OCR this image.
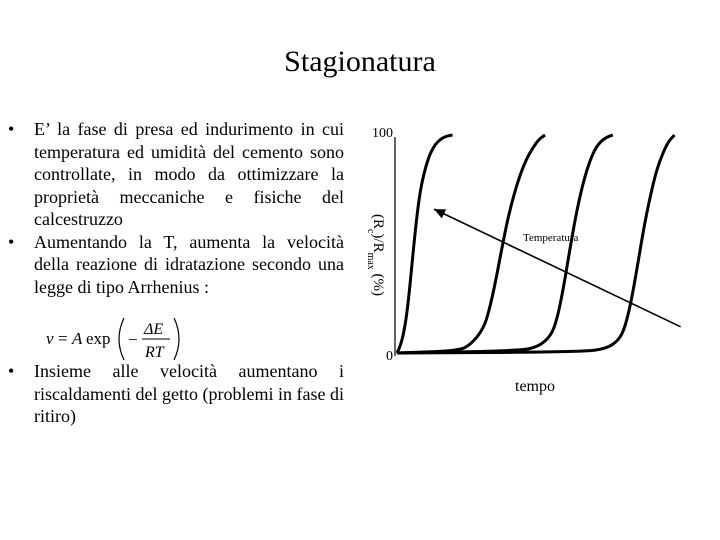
Stagionatura
•	E’ la fase di presa ed indurimento in cui temperatura ed umidità del cemento sono controllate, in modo da ottimizzare la proprietà meccaniche e fisiche del calcestruzzo
•	Aumentando la T, aumenta la velocità della reazione di idratazione secondo una legge di tipo Arrhenius :
•	Insieme alle velocità aumentano i riscaldamenti del getto (problemi in fase di ritiro)
v = A exp −
ΔE
RT
100
0
$(R_c)/R_{max}$ (%)
Temperatura
tempo
